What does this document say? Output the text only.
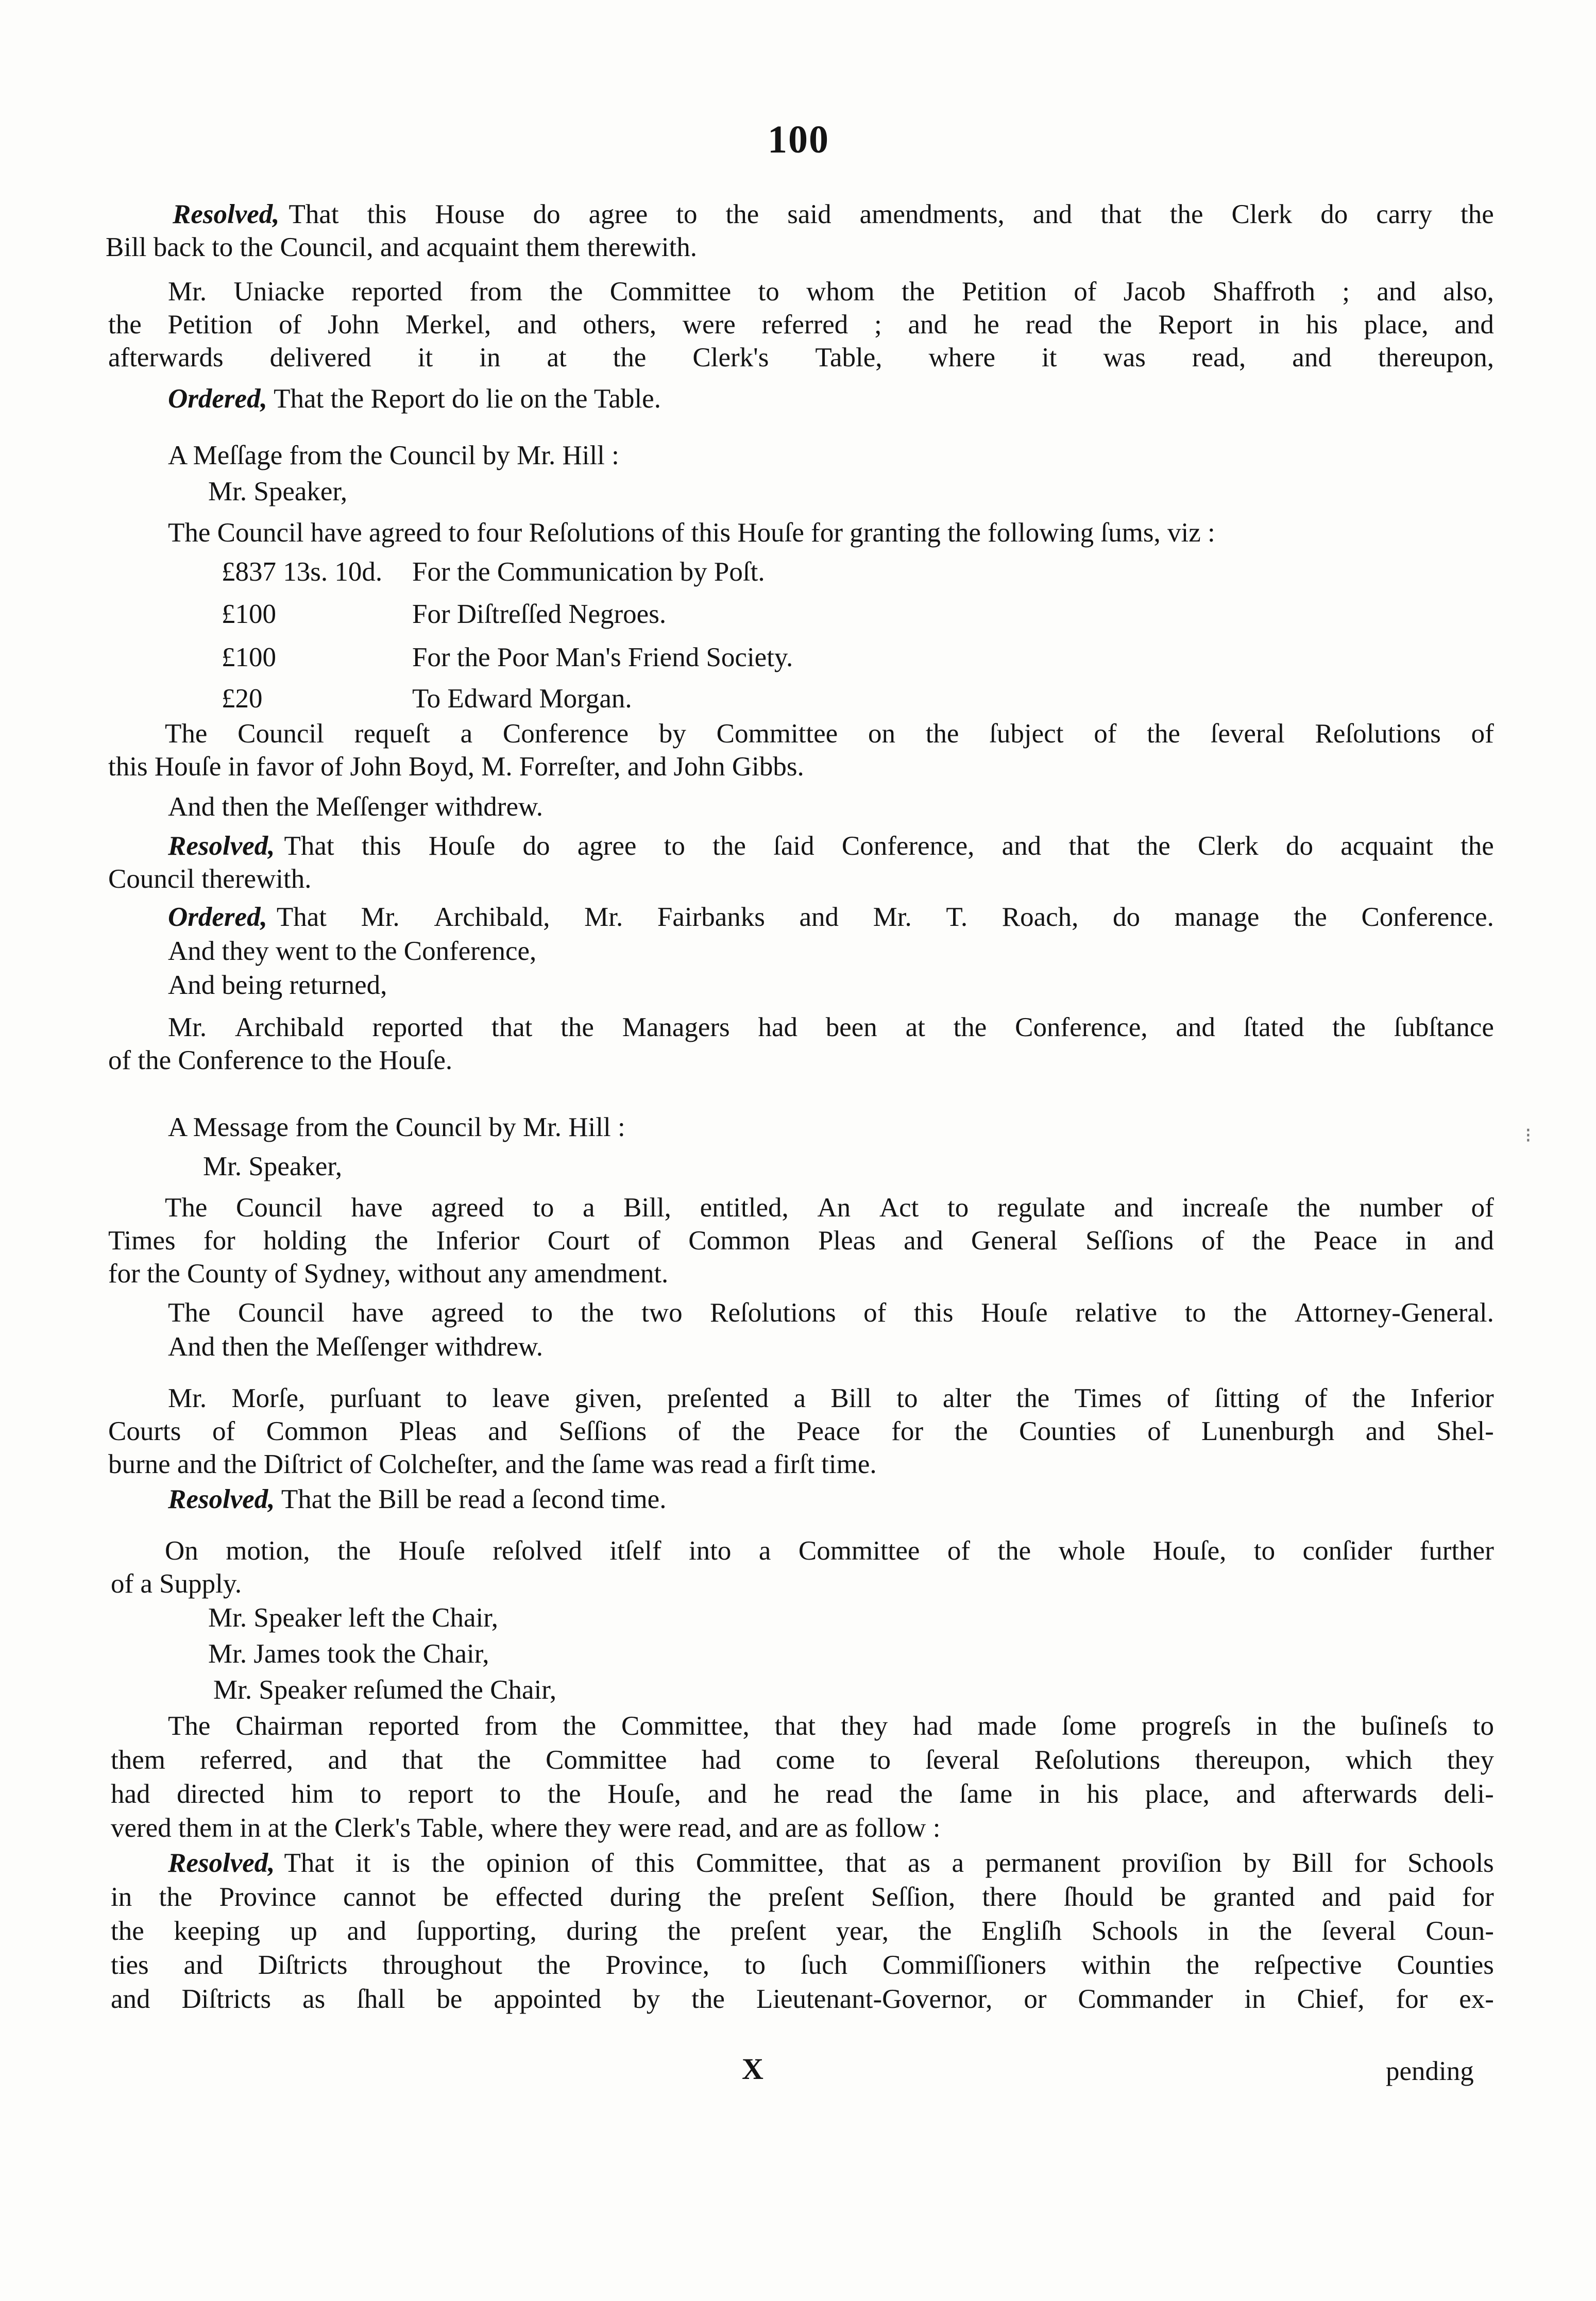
100
Resolved, That this House do agree to the said amendments, and that the Clerk do carry the
Bill back to the Council, and acquaint them therewith.
Mr. Uniacke reported from the Committee to whom the Petition of Jacob Shaffroth ; and also,
the Petition of John Merkel, and others, were referred ; and he read the Report in his place, and
afterwards delivered it in at the Clerk's Table, where it was read, and thereupon,
Ordered, That the Report do lie on the Table.
A Meſſage from the Council by Mr. Hill :
Mr. Speaker,
The Council have agreed to four Reſolutions of this Houſe for granting the following ſums, viz :
£837 13s. 10d. For the Communication by Poſt.
£100	For Diſtreſſed Negroes.
£100	For the Poor Man's Friend Society.
£20	To Edward Morgan.
The Council requeſt a Conference by Committee on the ſubject of the ſeveral Reſolutions of
this Houſe in favor of John Boyd, M. Forreſter, and John Gibbs.
And then the Meſſenger withdrew.
Resolved, That this Houſe do agree to the ſaid Conference, and that the Clerk do acquaint the
Council therewith.
Ordered, That Mr. Archibald, Mr. Fairbanks and Mr. T. Roach, do manage the Conference.
And they went to the Conference,
And being returned,
Mr. Archibald reported that the Managers had been at the Conference, and ſtated the ſubſtance
of the Conference to the Houſe.
A Message from the Council by Mr. Hill :
Mr. Speaker,
The Council have agreed to a Bill, entitled, An Act to regulate and increaſe the number of
Times for holding the Inferior Court of Common Pleas and General Seſſions of the Peace in and
for the County of Sydney, without any amendment.
The Council have agreed to the two Reſolutions of this Houſe relative to the Attorney-General.
And then the Meſſenger withdrew.
Mr. Morſe, purſuant to leave given, preſented a Bill to alter the Times of ſitting of the Inferior
Courts of Common Pleas and Seſſions of the Peace for the Counties of Lunenburgh and Shel-
burne and the Diſtrict of Colcheſter, and the ſame was read a firſt time.
Resolved, That the Bill be read a ſecond time.
On motion, the Houſe reſolved itſelf into a Committee of the whole Houſe, to conſider further
of a Supply.
Mr. Speaker left the Chair,
Mr. James took the Chair,
Mr. Speaker reſumed the Chair,
The Chairman reported from the Committee, that they had made ſome progreſs in the buſineſs to
them referred, and that the Committee had come to ſeveral Reſolutions thereupon, which they
had directed him to report to the Houſe, and he read the ſame in his place, and afterwards deli-
vered them in at the Clerk's Table, where they were read, and are as follow :
Resolved, That it is the opinion of this Committee, that as a permanent proviſion by Bill for Schools
in the Province cannot be effected during the preſent Seſſion, there ſhould be granted and paid for
the keeping up and ſupporting, during the preſent year, the Engliſh Schools in the ſeveral Coun-
ties and Diſtricts throughout the Province, to ſuch Commiſſioners within the reſpective Counties
and Diſtricts as ſhall be appointed by the Lieutenant-Governor, or Commander in Chief, for ex-
X	pending
⁝
